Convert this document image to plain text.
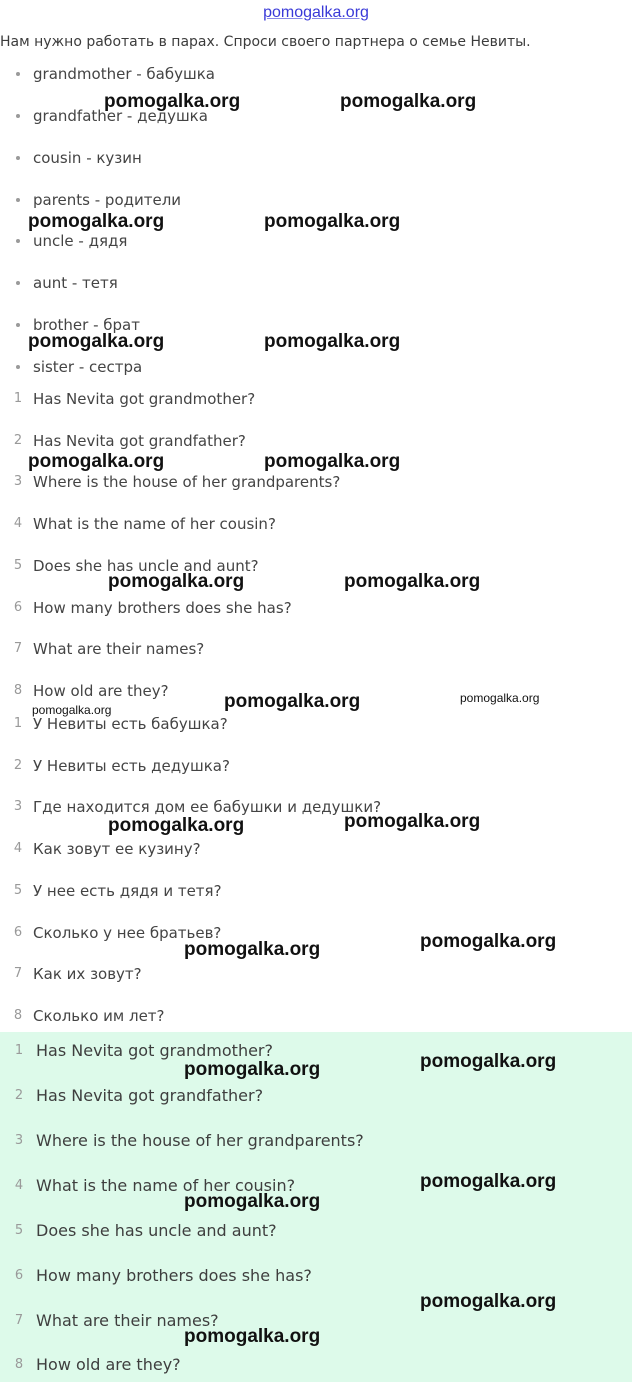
pomogalka.org
Нам нужно работать в парах. Спроси своего партнера о семье Невиты.
grandmother - бабушка
grandfather - дедушка
cousin - кузин
parents - родители
uncle - дядя
aunt - тетя
brother - брат
sister - сестра
1 Has Nevita got grandmother?
2 Has Nevita got grandfather?
3 Where is the house of her grandparents?
4 What is the name of her cousin?
5 Does she has uncle and aunt?
6 How many brothers does she has?
7 What are their names?
8 How old are they?
1 У Невиты есть бабушка?
2 У Невиты есть дедушка?
3 Где находится дом ее бабушки и дедушки?
4 Как зовут ее кузину?
5 У нее есть дядя и тетя?
6 Сколько у нее братьев?
7 Как их зовут?
8 Сколько им лет?
1 Has Nevita got grandmother?
2 Has Nevita got grandfather?
3 Where is the house of her grandparents?
4 What is the name of her cousin?
5 Does she has uncle and aunt?
6 How many brothers does she has?
7 What are their names?
8 How old are they?
pomogalka.org	pomogalka.org
pomogalka.org	pomogalka.org
pomogalka.org	pomogalka.org
pomogalka.org	pomogalka.org
pomogalka.org	pomogalka.org
pomogalka.org	pomogalka.org
pomogalka.org
pomogalka.org	pomogalka.org
pomogalka.org	pomogalka.org
pomogalka.org	pomogalka.org
pomogalka.org
pomogalka.org
pomogalka.org
pomogalka.org
